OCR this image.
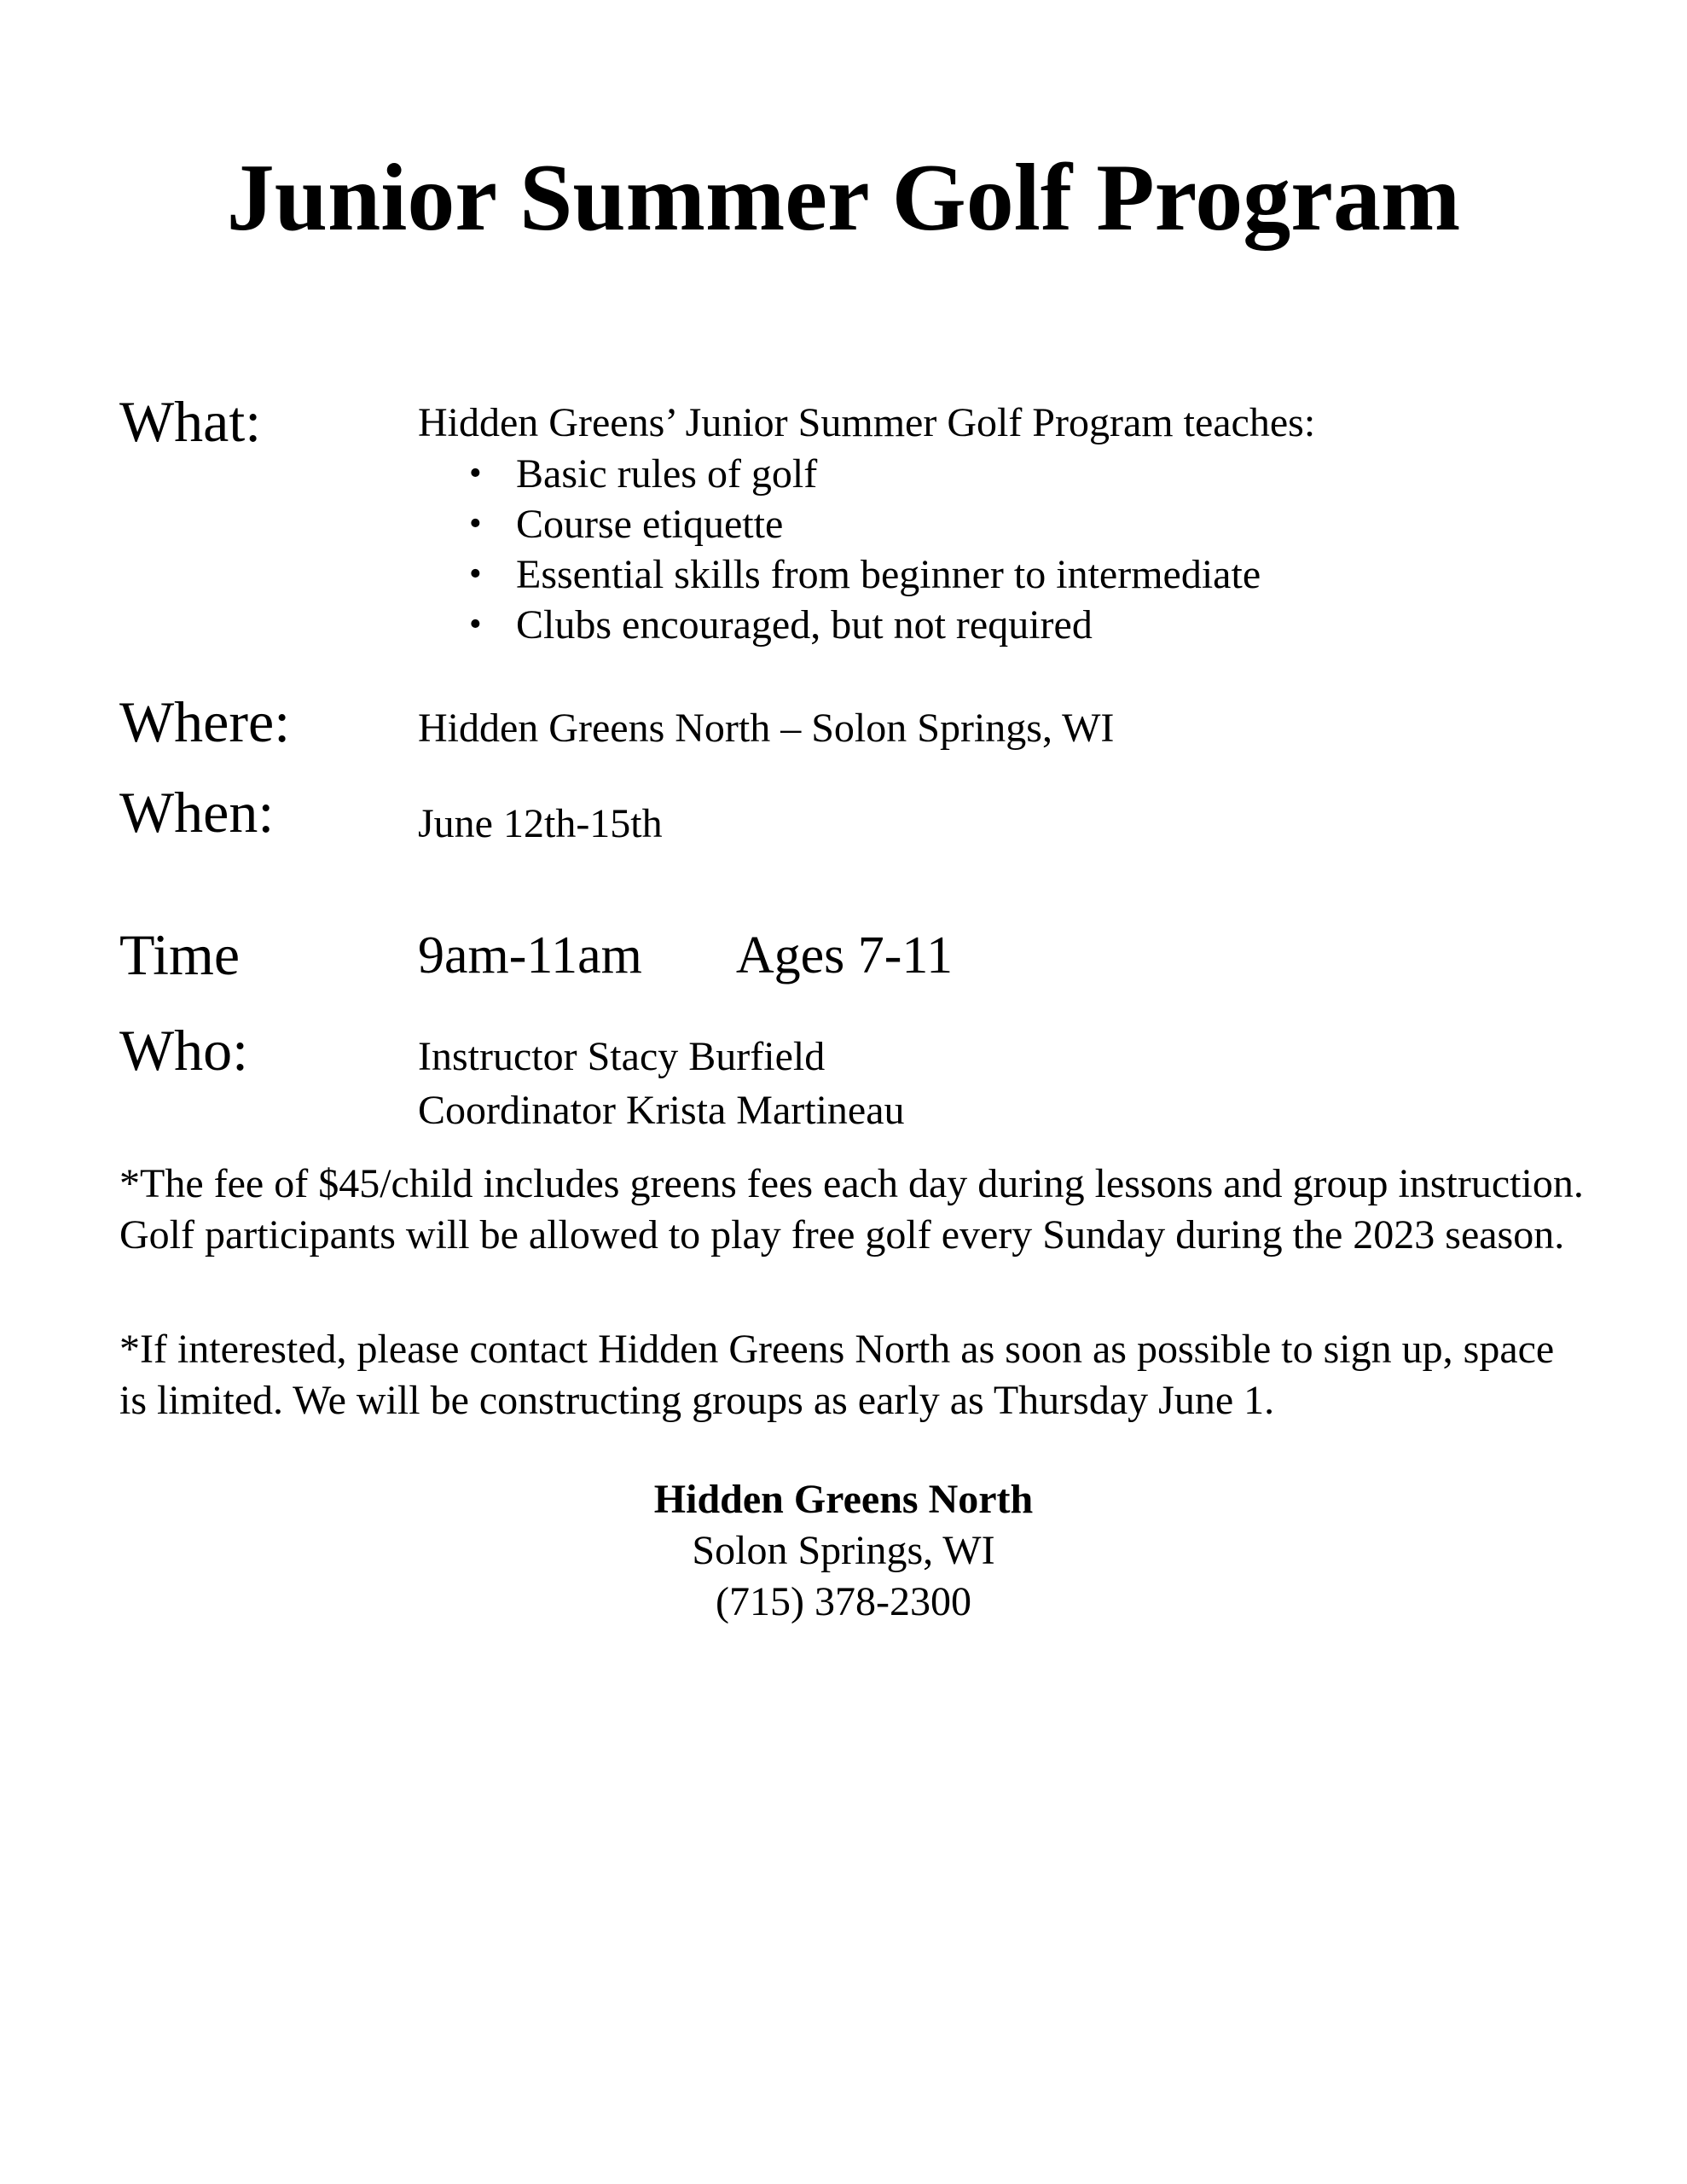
Junior Summer Golf Program
What:	Hidden Greens’ Junior Summer Golf Program teaches:
• Basic rules of golf
• Course etiquette
• Essential skills from beginner to intermediate
• Clubs encouraged, but not required
Where:	Hidden Greens North – Solon Springs, WI
When:	June 12th-15th
Time	9am-11am Ages 7-11
Who:	Instructor Stacy Burfield
Coordinator Krista Martineau

*The fee of $45/child includes greens fees each day during lessons and group instruction. Golf participants will be allowed to play free golf every Sunday during the 2023 season.

*If interested, please contact Hidden Greens North as soon as possible to sign up, space is limited. We will be constructing groups as early as Thursday June 1.

Hidden Greens North
Solon Springs, WI
(715) 378-2300
